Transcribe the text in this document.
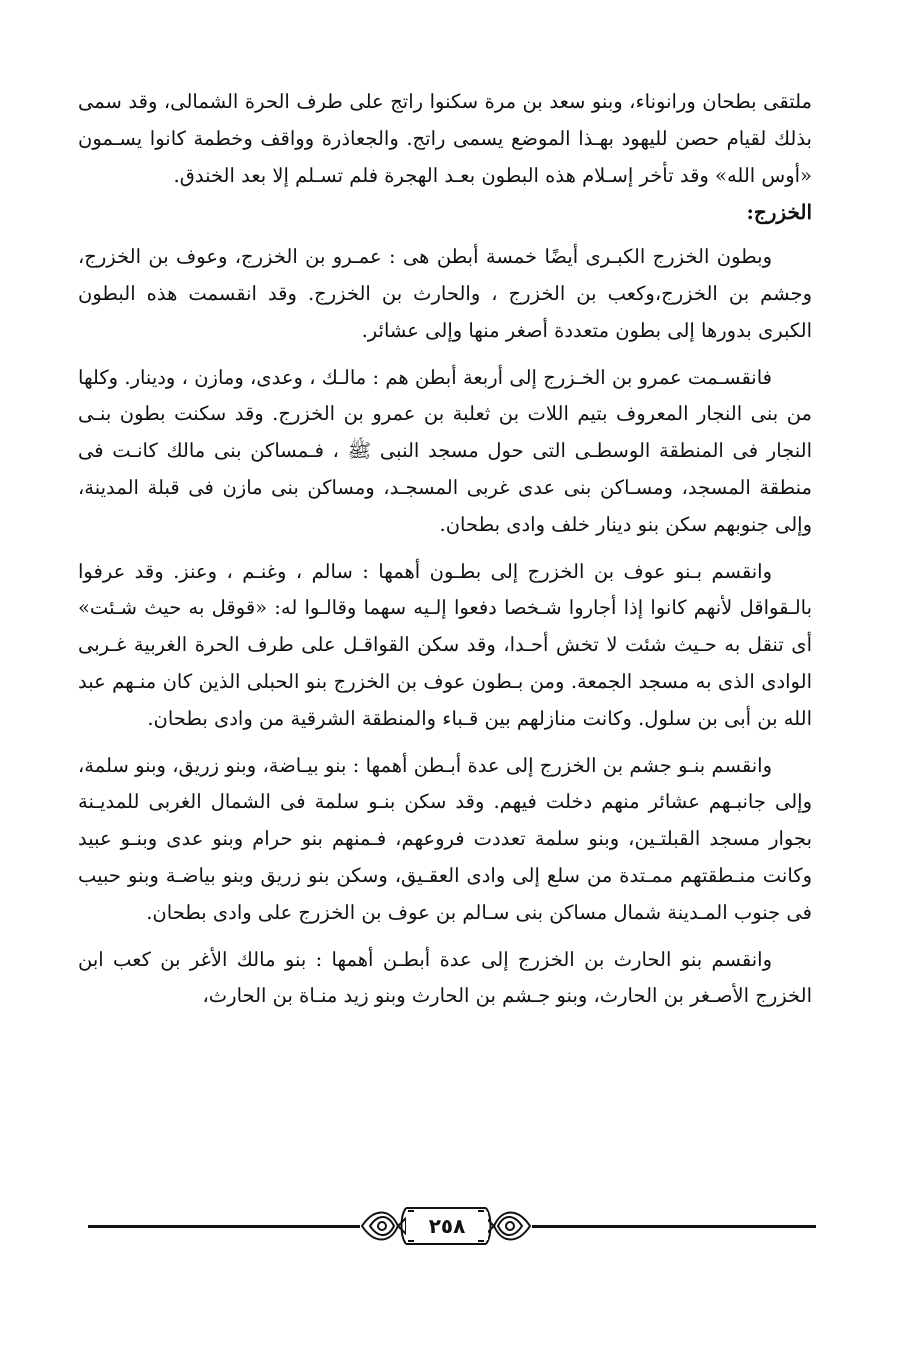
ملتقى بطحان ورانوناء، وبنو سعد بن مرة سكنوا راتج على طرف الحرة الشمالى، وقد سمى بذلك لقيام حصن لليهود بهـذا الموضع يسمى راتج. والجعاذرة وواقف وخطمة كانوا يسـمون «أوس الله» وقد تأخر إسـلام هذه البطون بعـد الهجرة فلم تسـلم إلا بعد الخندق.

الخزرج:

وبطون الخزرج الكبـرى أيضًا خمسة أبطن هى : عمـرو بن الخزرج، وعوف بن الخزرج، وجشم بن الخزرج،وكعب بن الخزرج ، والحارث بن الخزرج. وقد انقسمت هذه البطون الكبرى بدورها إلى بطون متعددة أصغر منها وإلى عشائر.

فانقسـمت عمرو بن الخـزرج إلى أربعة أبطن هم : مالـك ، وعدى، ومازن ، ودينار. وكلها من بنى النجار المعروف بتيم اللات بن ثعلبة بن عمرو بن الخزرج. وقد سكنت بطون بنـى النجار فى المنطقة الوسطـى التى حول مسجد النبى ﷺ ، فـمساكن بنى مالك كانـت فى منطقة المسجد، ومسـاكن بنى عدى غربى المسجـد، ومساكن بنى مازن فى قبلة المدينة، وإلى جنوبهم سكن بنو دينار خلف وادى بطحان.

وانقسم بـنو عوف بن الخزرج إلى بطـون أهمها : سالم ، وغنـم ، وعنز. وقد عرفوا بالـقواقل لأنهم كانوا إذا أجاروا شـخصا دفعوا إلـيه سهما وقالـوا له: «قوقل به حيث شـئت» أى تنقل به حـيث شئت لا تخش أحـدا، وقد سكن القواقـل على طرف الحرة الغربية غـربى الوادى الذى به مسجد الجمعة. ومن بـطون عوف بن الخزرج بنو الحبلى الذين كان منـهم عبد الله بن أبى بن سلول. وكانت منازلهم بين قـباء والمنطقة الشرقية من وادى بطحان.

وانقسم بنـو جشم بن الخزرج إلى عدة أبـطن أهمها : بنو بيـاضة، وبنو زريق، وبنو سلمة، وإلى جانبـهم عشائر منهم دخلت فيهم. وقد سكن بنـو سلمة فى الشمال الغربى للمديـنة بجوار مسجد القبلتـين، وبنو سلمة تعددت فروعهم، فـمنهم بنو حرام وبنو عدى وبنـو عبيد وكانت منـطقتهم ممـتدة من سلع إلى وادى العقـيق، وسكن بنو زريق وبنو بياضـة وبنو حبيب فى جنوب المـدينة شمال مساكن بنى سـالم بن عوف بن الخزرج على وادى بطحان.

وانقسم بنو الحارث بن الخزرج إلى عدة أبطـن أهمها : بنو مالك الأغر بن كعب ابن الخزرج الأصـغر بن الحارث، وبنو جـشم بن الحارث وبنو زيد منـاة بن الحارث،

٢٥٨
